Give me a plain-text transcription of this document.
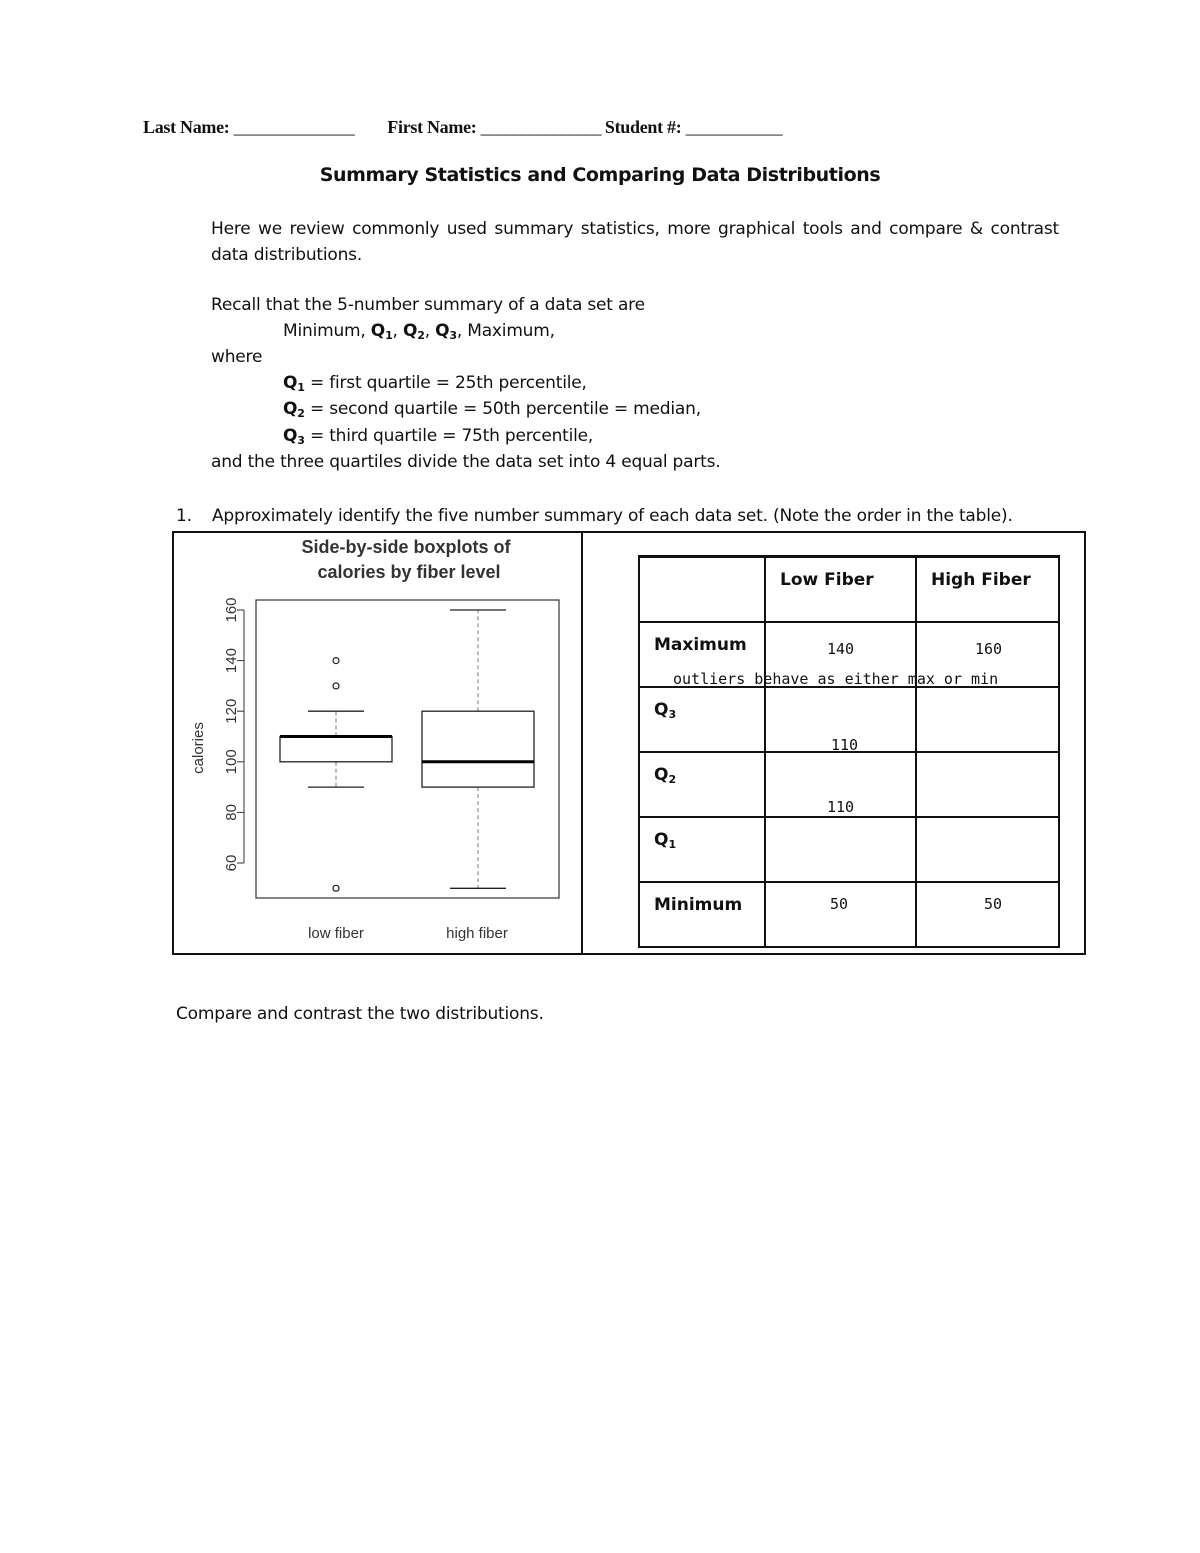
Last Name: _______________ First Name: _______________ Student #: ____________
Summary Statistics and Comparing Data Distributions
Here we review commonly used summary statistics, more graphical tools and compare & contrast data distributions.
Recall that the 5-number summary of a data set are
Minimum, $Q_1$, $Q_2$, $Q_3$, Maximum,
where
$Q_1$ = first quartile = 25th percentile,
$Q_2$ = second quartile = 50th percentile = median,
$Q_3$ = third quartile = 75th percentile,
and the three quartiles divide the data set into 4 equal parts.
1. Approximately identify the five number summary of each data set. (Note the order in the table).
Side-by-side boxplots of
calories by fiber level
calories
60
80
100
120
140
160
low fiber	high fiber

	Low Fiber	High Fiber

Maximum	140	160

$Q_3$	110	

$Q_2$	110	

$Q_1$

Minimum	50	50
outliers behave as either max or min
Compare and contrast the two distributions.
